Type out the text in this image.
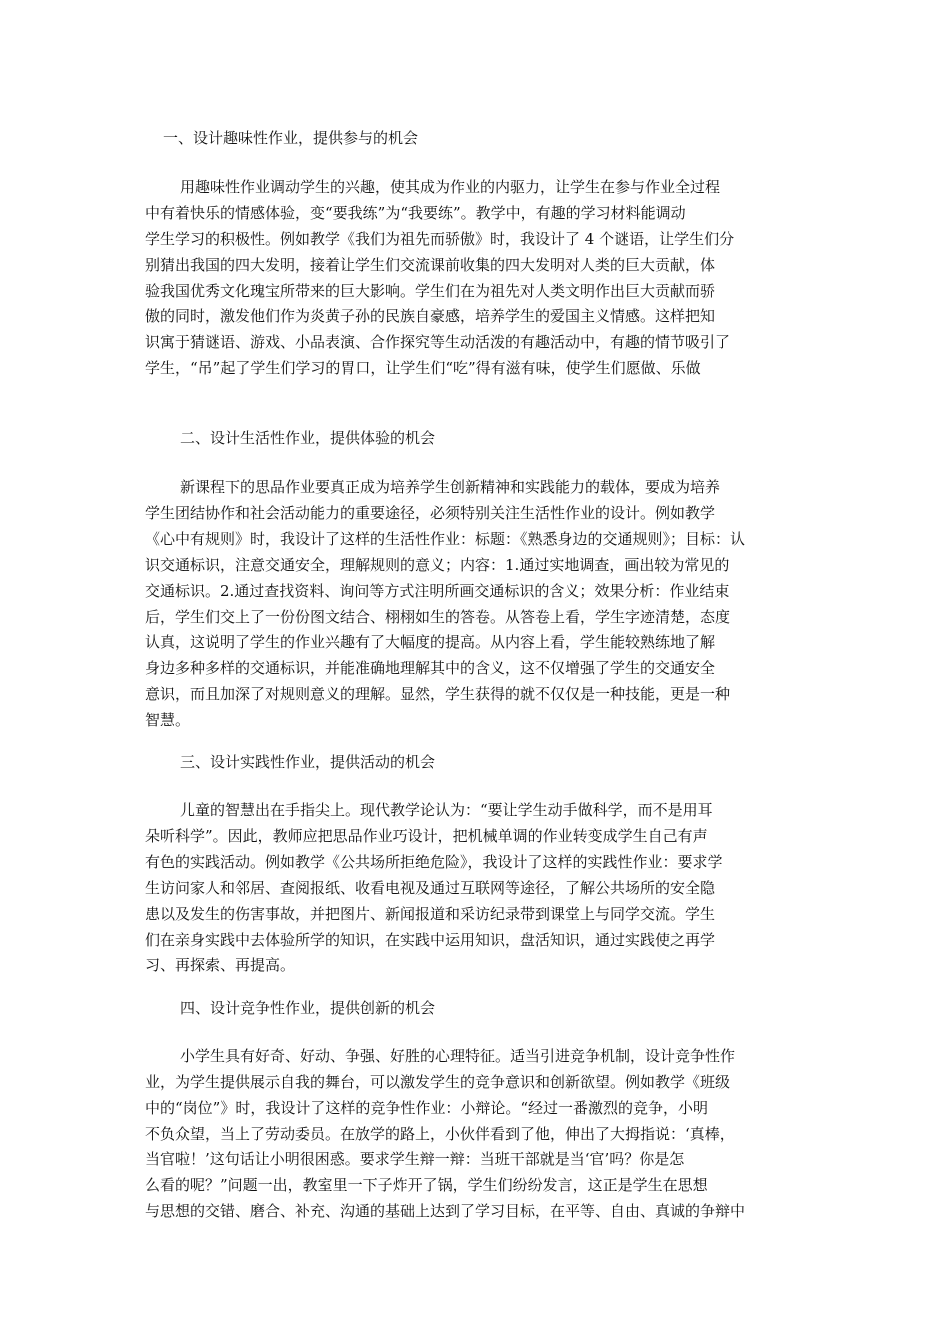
一、设计趣味性作业，提供参与的机会
用趣味性作业调动学生的兴趣，使其成为作业的内驱力，让学生在参与作业全过程
中有着快乐的情感体验，变“要我练”为“我要练”。教学中，有趣的学习材料能调动
学生学习的积极性。例如教学《我们为祖先而骄傲》时，我设计了 4 个谜语，让学生们分
别猜出我国的四大发明，接着让学生们交流课前收集的四大发明对人类的巨大贡献，体
验我国优秀文化瑰宝所带来的巨大影响。学生们在为祖先对人类文明作出巨大贡献而骄
傲的同时，激发他们作为炎黄子孙的民族自豪感，培养学生的爱国主义情感。这样把知
识寓于猜谜语、游戏、小品表演、合作探究等生动活泼的有趣活动中，有趣的情节吸引了
学生，“吊”起了学生们学习的胃口，让学生们“吃”得有滋有味，使学生们愿做、乐做
二、设计生活性作业，提供体验的机会
新课程下的思品作业要真正成为培养学生创新精神和实践能力的载体，要成为培养
学生团结协作和社会活动能力的重要途径，必须特别关注生活性作业的设计。例如教学
《心中有规则》时，我设计了这样的生活性作业：标题：《熟悉身边的交通规则》；目标：认
识交通标识，注意交通安全，理解规则的意义；内容：1.通过实地调查，画出较为常见的
交通标识。2.通过查找资料、询问等方式注明所画交通标识的含义；效果分析：作业结束
后，学生们交上了一份份图文结合、栩栩如生的答卷。从答卷上看，学生字迹清楚，态度
认真，这说明了学生的作业兴趣有了大幅度的提高。从内容上看，学生能较熟练地了解
身边多种多样的交通标识，并能准确地理解其中的含义，这不仅增强了学生的交通安全
意识，而且加深了对规则意义的理解。显然，学生获得的就不仅仅是一种技能，更是一种
智慧。
三、设计实践性作业，提供活动的机会
儿童的智慧出在手指尖上。现代教学论认为：“要让学生动手做科学，而不是用耳
朵听科学”。因此，教师应把思品作业巧设计，把机械单调的作业转变成学生自己有声
有色的实践活动。例如教学《公共场所拒绝危险》，我设计了这样的实践性作业：要求学
生访问家人和邻居、查阅报纸、收看电视及通过互联网等途径，了解公共场所的安全隐
患以及发生的伤害事故，并把图片、新闻报道和采访纪录带到课堂上与同学交流。学生
们在亲身实践中去体验所学的知识，在实践中运用知识，盘活知识，通过实践使之再学
习、再探索、再提高。
四、设计竞争性作业，提供创新的机会
小学生具有好奇、好动、争强、好胜的心理特征。适当引进竞争机制，设计竞争性作
业，为学生提供展示自我的舞台，可以激发学生的竞争意识和创新欲望。例如教学《班级
中的“岗位”》时，我设计了这样的竞争性作业：小辩论。“经过一番激烈的竞争，小明
不负众望，当上了劳动委员。在放学的路上，小伙伴看到了他，伸出了大拇指说：‘真棒，
当官啦！’这句话让小明很困惑。要求学生辩一辩：当班干部就是当‘官’吗？你是怎
么看的呢？”问题一出，教室里一下子炸开了锅，学生们纷纷发言，这正是学生在思想
与思想的交错、磨合、补充、沟通的基础上达到了学习目标，在平等、自由、真诚的争辩中
